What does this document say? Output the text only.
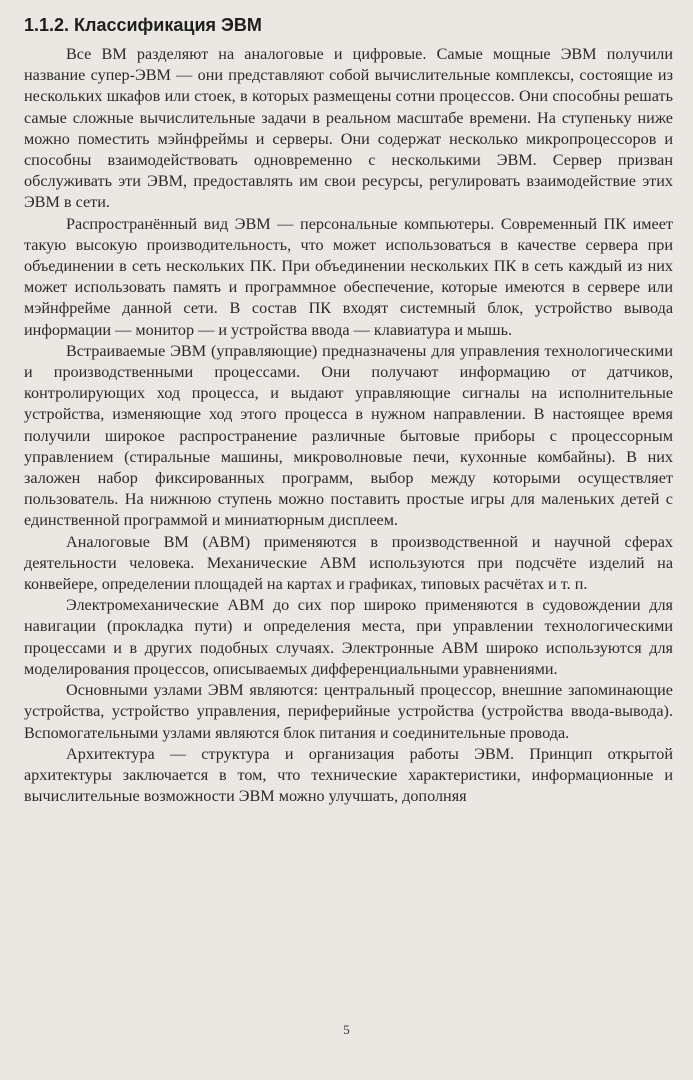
1.1.2. Классификация ЭВМ

Все ВМ разделяют на аналоговые и цифровые. Самые мощные ЭВМ получили название супер-ЭВМ — они представляют собой вычислительные комплексы, состоящие из нескольких шкафов или стоек, в которых размещены сотни процессов. Они способны решать самые сложные вычислительные задачи в реальном масштабе времени. На ступеньку ниже можно поместить мэйнфреймы и серверы. Они содержат несколько микропроцессоров и способны взаимодействовать одновременно с несколькими ЭВМ. Сервер призван обслуживать эти ЭВМ, предоставлять им свои ресурсы, регулировать взаимодействие этих ЭВМ в сети.

Распространённый вид ЭВМ — персональные компьютеры. Современный ПК имеет такую высокую производительность, что может использоваться в качестве сервера при объединении в сеть нескольких ПК. При объединении нескольких ПК в сеть каждый из них может использовать память и программное обеспечение, которые имеются в сервере или мэйнфрейме данной сети. В состав ПК входят системный блок, устройство вывода информации — монитор — и устройства ввода — клавиатура и мышь.

Встраиваемые ЭВМ (управляющие) предназначены для управления технологическими и производственными процессами. Они получают информацию от датчиков, контролирующих ход процесса, и выдают управляющие сигналы на исполнительные устройства, изменяющие ход этого процесса в нужном направлении. В настоящее время получили широкое распространение различные бытовые приборы с процессорным управлением (стиральные машины, микроволновые печи, кухонные комбайны). В них заложен набор фиксированных программ, выбор между которыми осуществляет пользователь. На нижнюю ступень можно поставить простые игры для маленьких детей с единственной программой и миниатюрным дисплеем.

Аналоговые ВМ (АВМ) применяются в производственной и научной сферах деятельности человека. Механические АВМ используются при подсчёте изделий на конвейере, определении площадей на картах и графиках, типовых расчётах и т. п.

Электромеханические АВМ до сих пор широко применяются в судовождении для навигации (прокладка пути) и определения места, при управлении технологическими процессами и в других подобных случаях. Электронные АВМ широко используются для моделирования процессов, описываемых дифференциальными уравнениями.

Основными узлами ЭВМ являются: центральный процессор, внешние запоминающие устройства, устройство управления, периферийные устройства (устройства ввода-вывода). Вспомогательными узлами являются блок питания и соединительные провода.

Архитектура — структура и организация работы ЭВМ. Принцип открытой архитектуры заключается в том, что технические характеристики, информационные и вычислительные возможности ЭВМ можно улучшать, дополняя

5
